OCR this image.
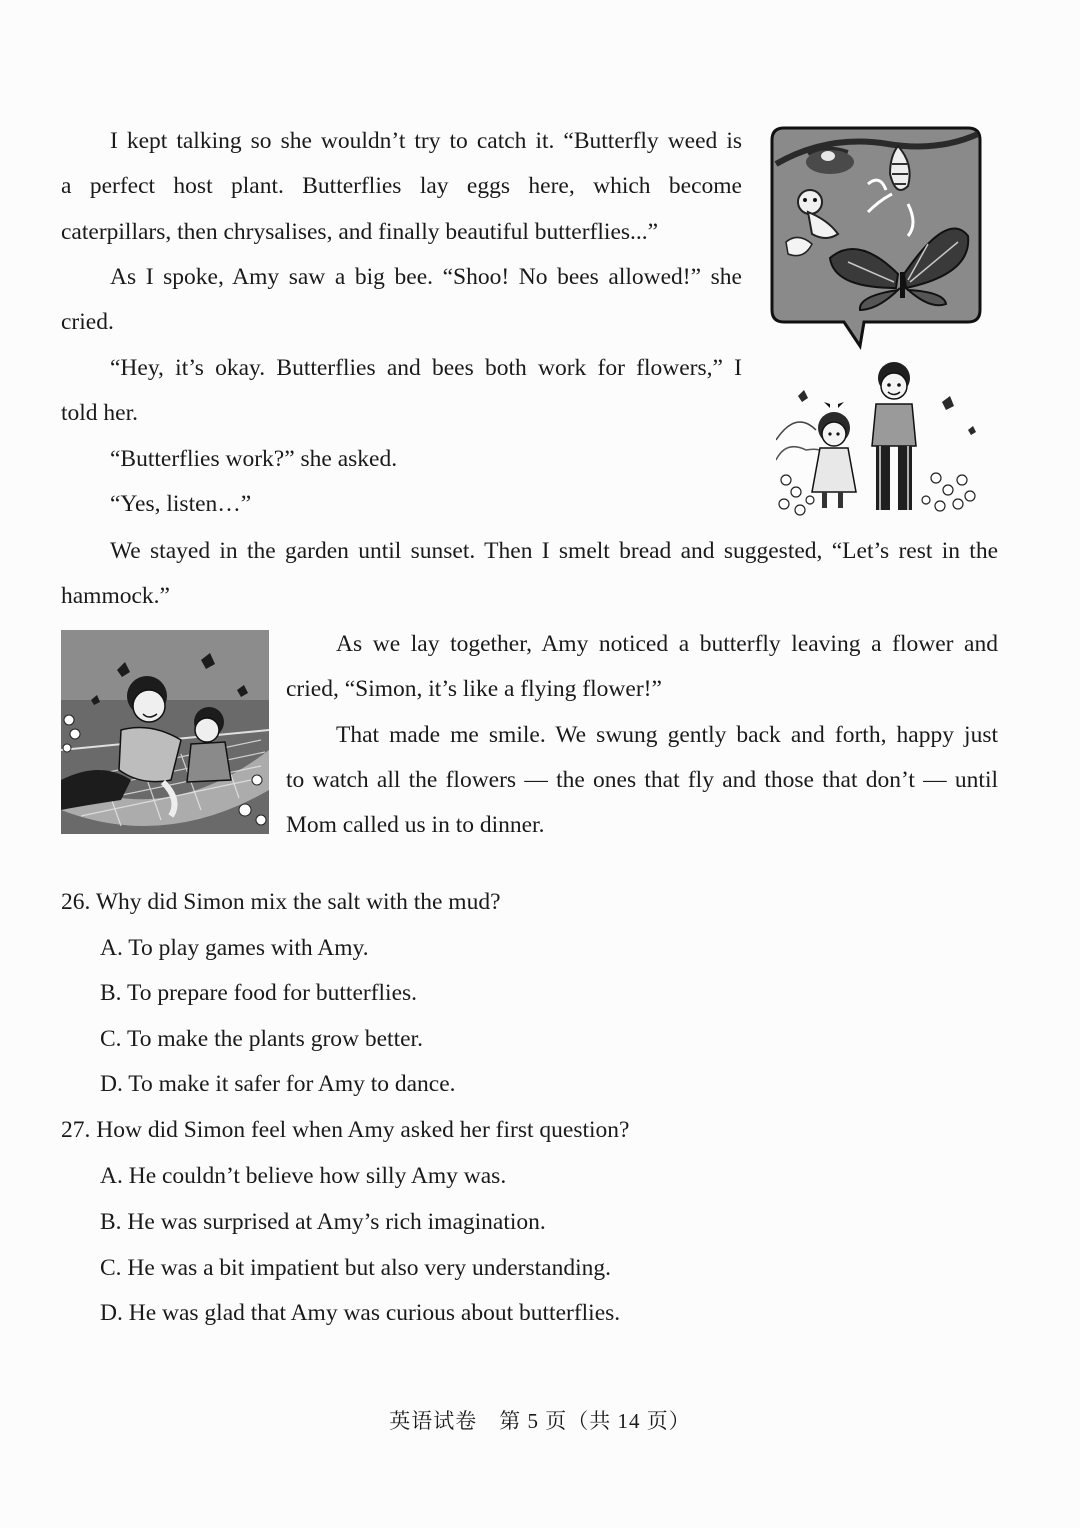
I kept talking so she wouldn’t try to catch it. “Butterfly weed is
a perfect host plant. Butterflies lay eggs here, which become
caterpillars, then chrysalises, and finally beautiful butterflies...”
As I spoke, Amy saw a big bee. “Shoo! No bees allowed!” she
cried.
“Hey, it’s okay. Butterflies and bees both work for flowers,” I
told her.
“Butterflies work?” she asked.
“Yes, listen…”
We stayed in the garden until sunset. Then I smelt bread and suggested, “Let’s rest in the
hammock.”
As we lay together, Amy noticed a butterfly leaving a flower and
cried, “Simon, it’s like a flying flower!”
That made me smile. We swung gently back and forth, happy just
to watch all the flowers — the ones that fly and those that don’t — until
Mom called us in to dinner.
26. Why did Simon mix the salt with the mud?
A. To play games with Amy.
B. To prepare food for butterflies.
C. To make the plants grow better.
D. To make it safer for Amy to dance.
27. How did Simon feel when Amy asked her first question?
A. He couldn’t believe how silly Amy was.
B. He was surprised at Amy’s rich imagination.
C. He was a bit impatient but also very understanding.
D. He was glad that Amy was curious about butterflies.
英语试卷　第 5 页（共 14 页）
